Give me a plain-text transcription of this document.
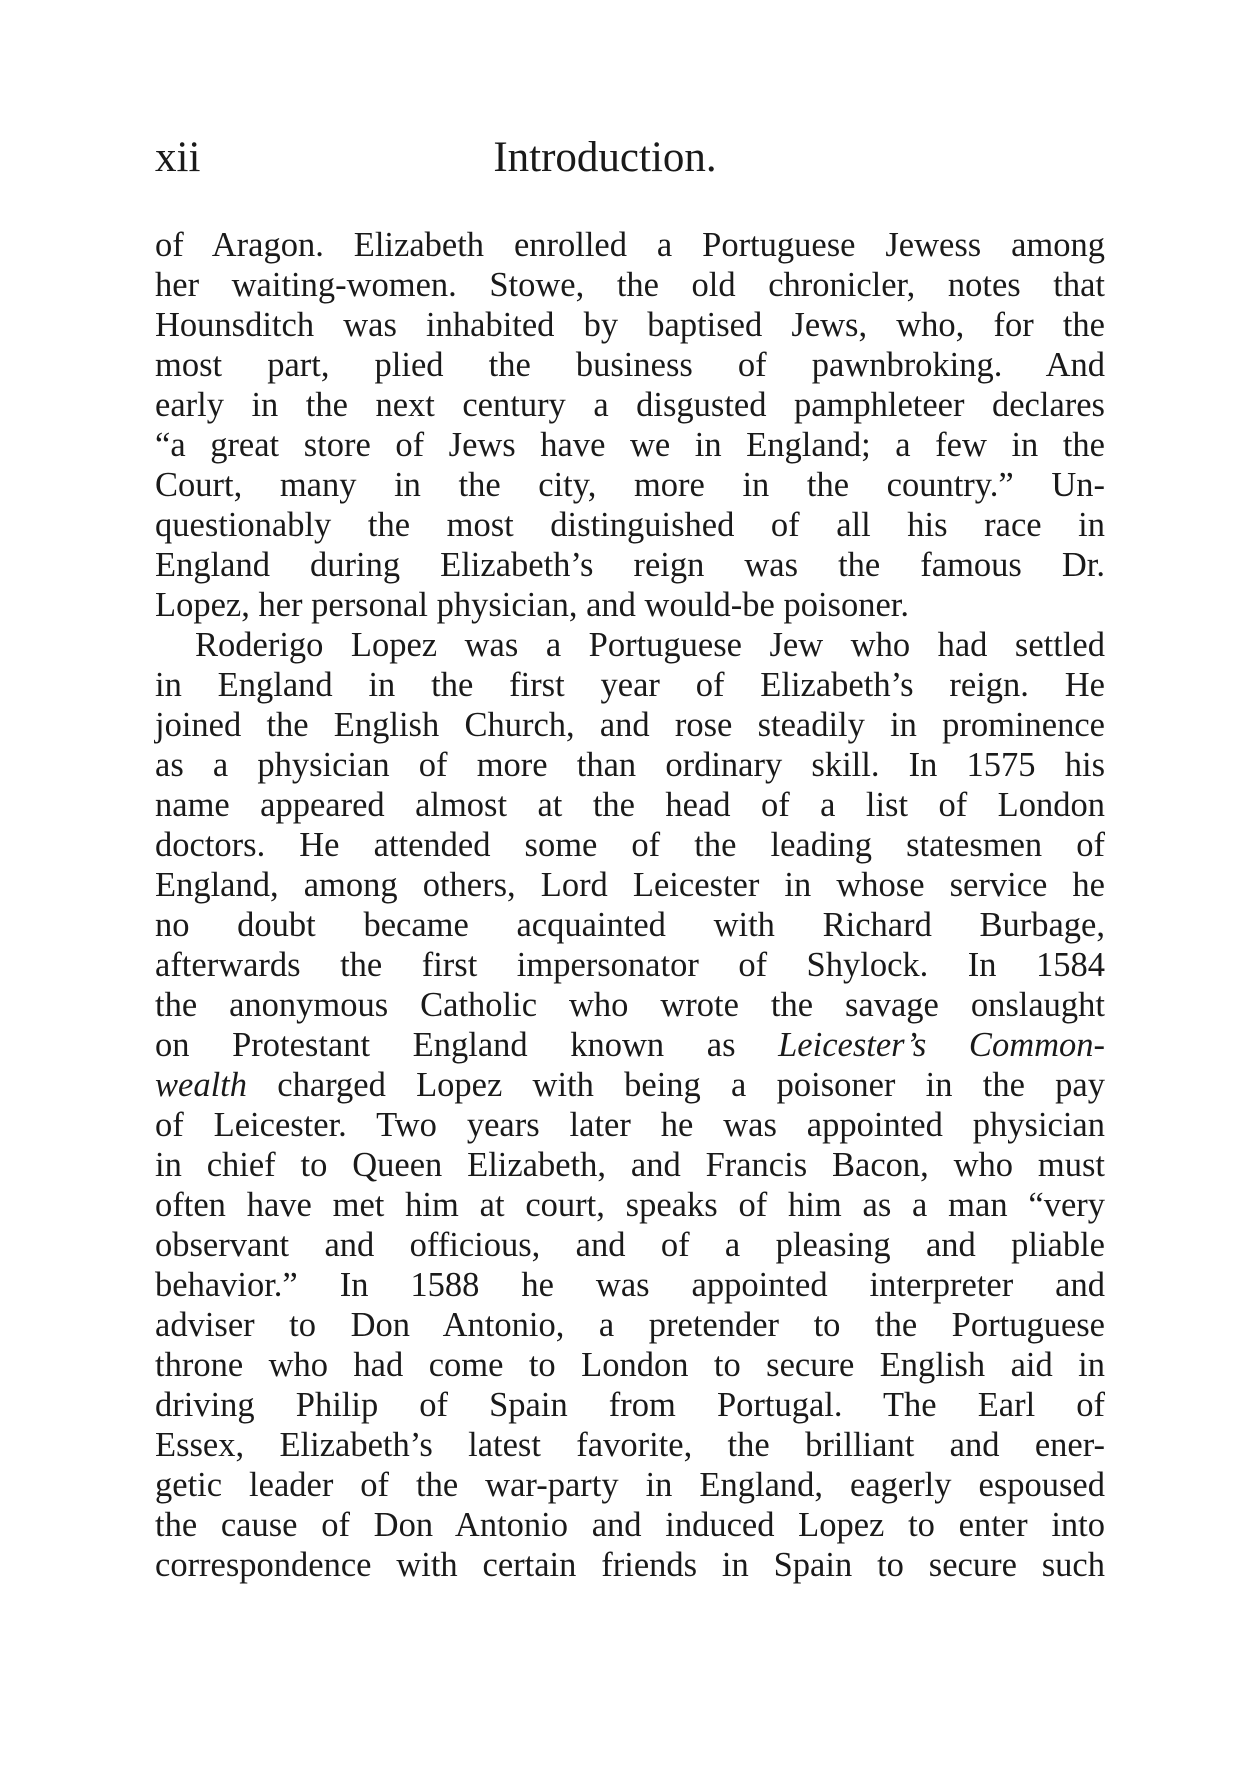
xii	Introduction.
of Aragon. Elizabeth enrolled a Portuguese Jewess among
her waiting-women. Stowe, the old chronicler, notes that
Hounsditch was inhabited by baptised Jews, who, for the
most part, plied the business of pawnbroking. And
early in the next century a disgusted pamphleteer declares
“a great store of Jews have we in England; a few in the
Court, many in the city, more in the country.” Un-
questionably the most distinguished of all his race in
England during Elizabeth’s reign was the famous Dr.
Lopez, her personal physician, and would-be poisoner.
Roderigo Lopez was a Portuguese Jew who had settled
in England in the first year of Elizabeth’s reign. He
joined the English Church, and rose steadily in prominence
as a physician of more than ordinary skill. In 1575 his
name appeared almost at the head of a list of London
doctors. He attended some of the leading statesmen of
England, among others, Lord Leicester in whose service he
no doubt became acquainted with Richard Burbage,
afterwards the first impersonator of Shylock. In 1584
the anonymous Catholic who wrote the savage onslaught
on Protestant England known as Leicester’s Common-
wealth charged Lopez with being a poisoner in the pay
of Leicester. Two years later he was appointed physician
in chief to Queen Elizabeth, and Francis Bacon, who must
often have met him at court, speaks of him as a man “very
observant and officious, and of a pleasing and pliable
behavior.” In 1588 he was appointed interpreter and
adviser to Don Antonio, a pretender to the Portuguese
throne who had come to London to secure English aid in
driving Philip of Spain from Portugal. The Earl of
Essex, Elizabeth’s latest favorite, the brilliant and ener-
getic leader of the war-party in England, eagerly espoused
the cause of Don Antonio and induced Lopez to enter into
correspondence with certain friends in Spain to secure such
